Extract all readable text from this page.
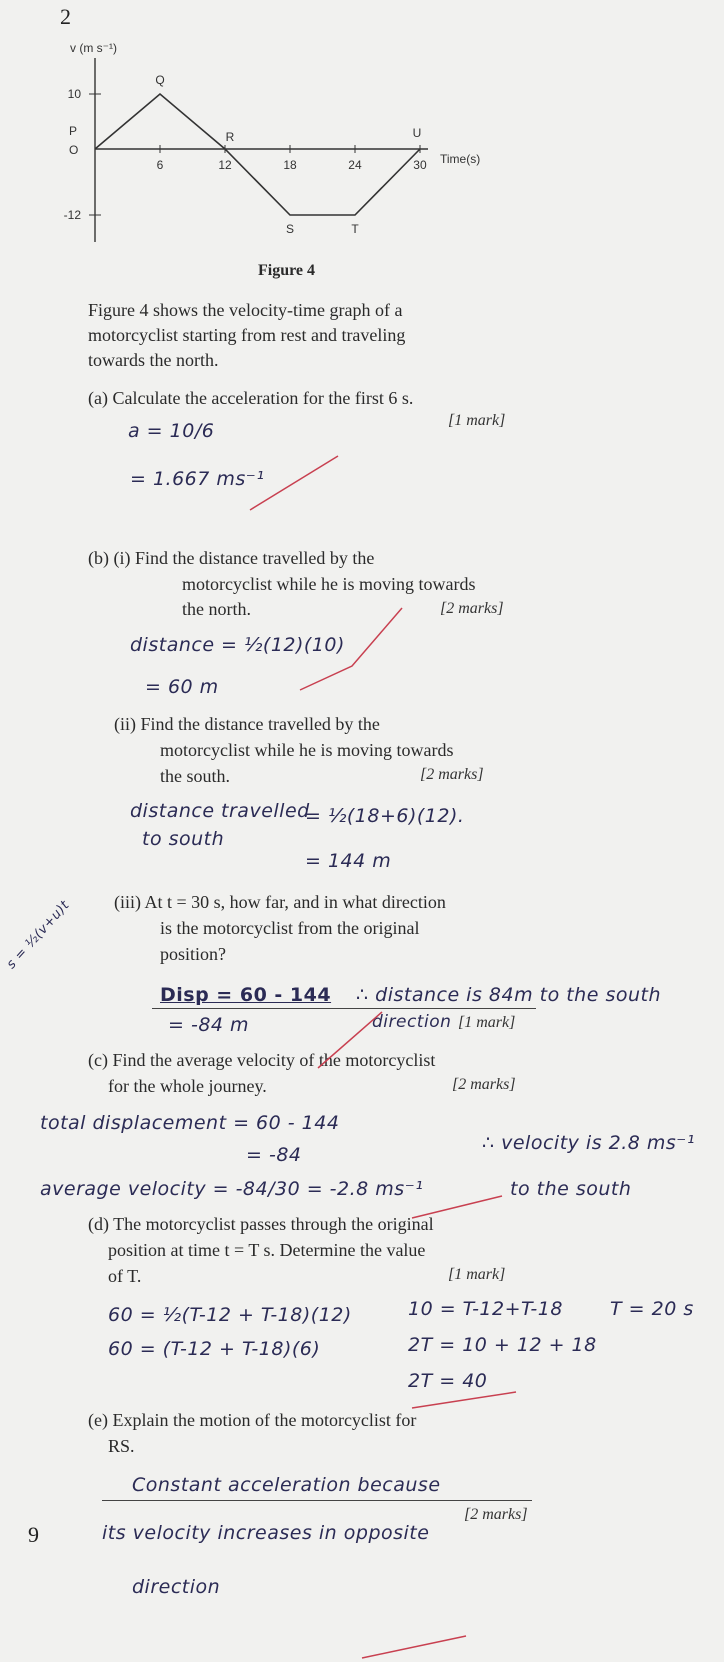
2
9
v (m s⁻¹)
Time(s)
6	12	18	24	30
10
-12
O
P
Q
R
S	T
U
Figure 4
Figure 4 shows the velocity-time graph of a
motorcyclist starting from rest and traveling
towards the north.
(a) Calculate the acceleration for the first 6 s.
[1 mark]
a = 10/6
= 1.667 ms⁻¹
(b) (i) Find the distance travelled by the
motorcyclist while he is moving towards
the north.	[2 marks]
distance = ½(12)(10)
= 60 m
(ii) Find the distance travelled by the
motorcyclist while he is moving towards
the south.	[2 marks]
distance travelled
to south
= ½(18+6)(12).
= 144 m
(iii) At t = 30 s, how far, and in what direction
is the motorcyclist from the original
position?
s = ½(v+u)t
Disp = 60 - 144
= -84 m
∴ distance is 84m to the south
direction [1 mark]
(c) Find the average velocity of the motorcyclist
for the whole journey.	[2 marks]
total displacement = 60 - 144
= -84
average velocity = -84/30 = -2.8 ms⁻¹
∴ velocity is 2.8 ms⁻¹
to the south
(d) The motorcyclist passes through the original
position at time t = T s. Determine the value
of T.	[1 mark]
60 = ½(T-12 + T-18)(12)
60 = (T-12 + T-18)(6)
10 = T-12+T-18
2T = 10 + 12 + 18
2T = 40
T = 20 s
(e) Explain the motion of the motorcyclist for
RS.
Constant acceleration because
[2 marks]
its velocity increases in opposite
direction
